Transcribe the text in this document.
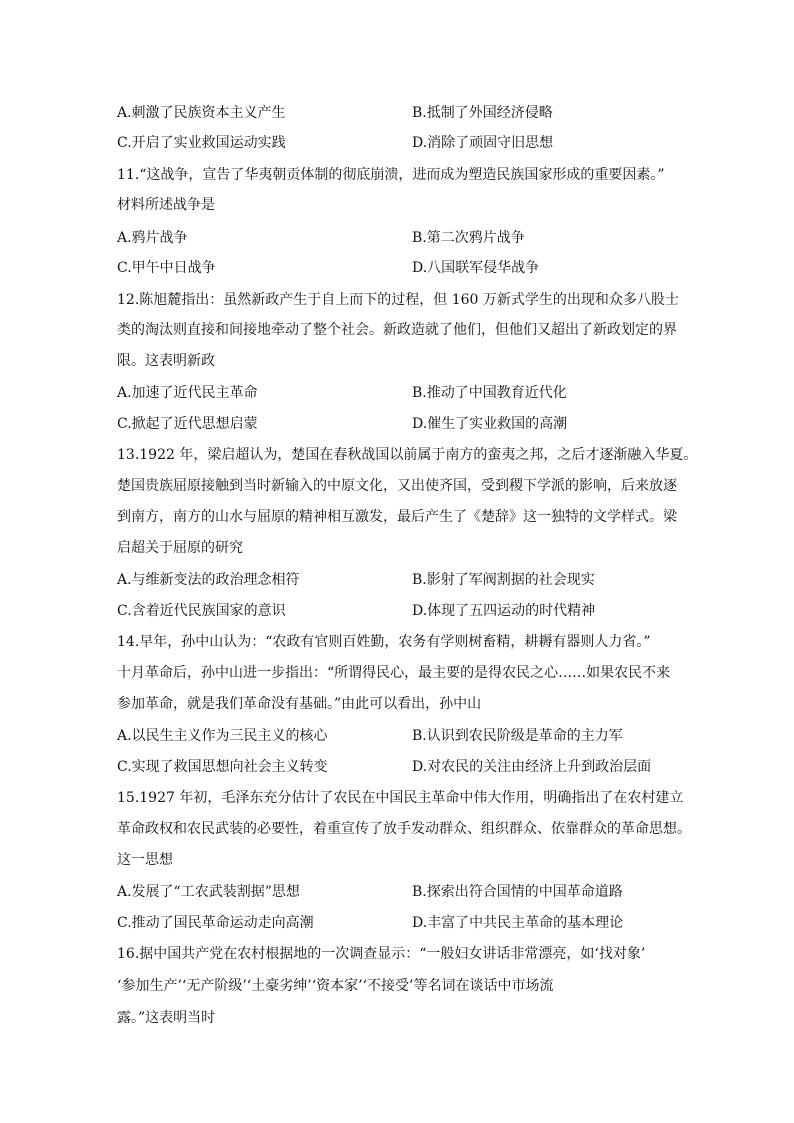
A.刺激了民族资本主义产生	B.抵制了外国经济侵略
C.开启了实业救国运动实践	D.消除了顽固守旧思想
11.“这战争，宣告了华夷朝贡体制的彻底崩溃，进而成为塑造民族国家形成的重要因素。”
材料所述战争是
A.鸦片战争	B.第二次鸦片战争
C.甲午中日战争	D.八国联军侵华战争
12.陈旭麓指出：虽然新政产生于自上而下的过程，但 160 万新式学生的出现和众多八股士
类的淘汰则直接和间接地牵动了整个社会。新政造就了他们，但他们又超出了新政划定的界
限。这表明新政
A.加速了近代民主革命	B.推动了中国教育近代化
C.掀起了近代思想启蒙	D.催生了实业救国的高潮
13.1922 年，梁启超认为，楚国在春秋战国以前属于南方的蛮夷之邦，之后才逐渐融入华夏。
楚国贵族屈原接触到当时新输入的中原文化，又出使齐国，受到稷下学派的影响，后来放逐
到南方，南方的山水与屈原的精神相互激发，最后产生了《楚辞》这一独特的文学样式。梁
启超关于屈原的研究
A.与维新变法的政治理念相符	B.影射了军阀割据的社会现实
C.含着近代民族国家的意识	D.体现了五四运动的时代精神
14.早年，孙中山认为：“农政有官则百姓勤，农务有学则树畜精，耕耨有器则人力省。”
十月革命后，孙中山进一步指出：“所谓得民心，最主要的是得农民之心……如果农民不来
参加革命，就是我们革命没有基础。”由此可以看出，孙中山
A.以民生主义作为三民主义的核心	B.认识到农民阶级是革命的主力军
C.实现了救国思想向社会主义转变	D.对农民的关注由经济上升到政治层面
15.1927 年初，毛泽东充分估计了农民在中国民主革命中伟大作用，明确指出了在农村建立
革命政权和农民武装的必要性，着重宣传了放手发动群众、组织群众、依靠群众的革命思想。
这一思想
A.发展了“工农武装割据”思想	B.探索出符合国情的中国革命道路
C.推动了国民革命运动走向高潮	D.丰富了中共民主革命的基本理论
16.据中国共产党在农村根据地的一次调查显示：“一般妇女讲话非常漂亮，如‘找对象’
‘参加生产’‘无产阶级’‘土豪劣绅’‘资本家’‘不接受’等名词在谈话中市场流
露。”这表明当时
